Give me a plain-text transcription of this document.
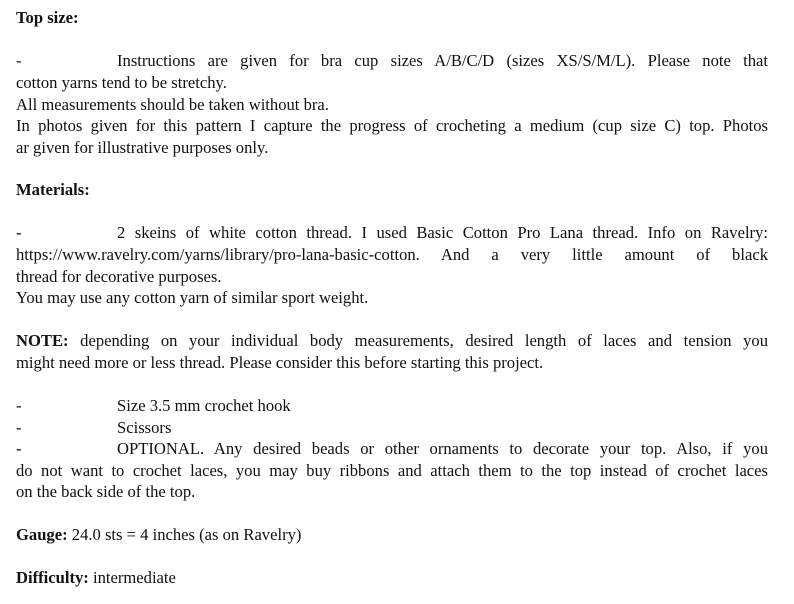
Top size:
-	Instructions are given for bra cup sizes A/B/C/D (sizes XS/S/M/L). Please note that
cotton yarns tend to be stretchy.
All measurements should be taken without bra.
In photos given for this pattern I capture the progress of crocheting a medium (cup size C) top. Photos
ar given for illustrative purposes only.
Materials:
-	2 skeins of white cotton thread. I used Basic Cotton Pro Lana thread. Info on Ravelry:
https://www.ravelry.com/yarns/library/pro-lana-basic-cotton. And a very little amount of black
thread for decorative purposes.
You may use any cotton yarn of similar sport weight.
NOTE: depending on your individual body measurements, desired length of laces and tension you
might need more or less thread. Please consider this before starting this project.
-	Size 3.5 mm crochet hook
-	Scissors
-	OPTIONAL. Any desired beads or other ornaments to decorate your top. Also, if you
do not want to crochet laces, you may buy ribbons and attach them to the top instead of crochet laces
on the back side of the top.
Gauge: 24.0 sts = 4 inches (as on Ravelry)
Difficulty: intermediate
